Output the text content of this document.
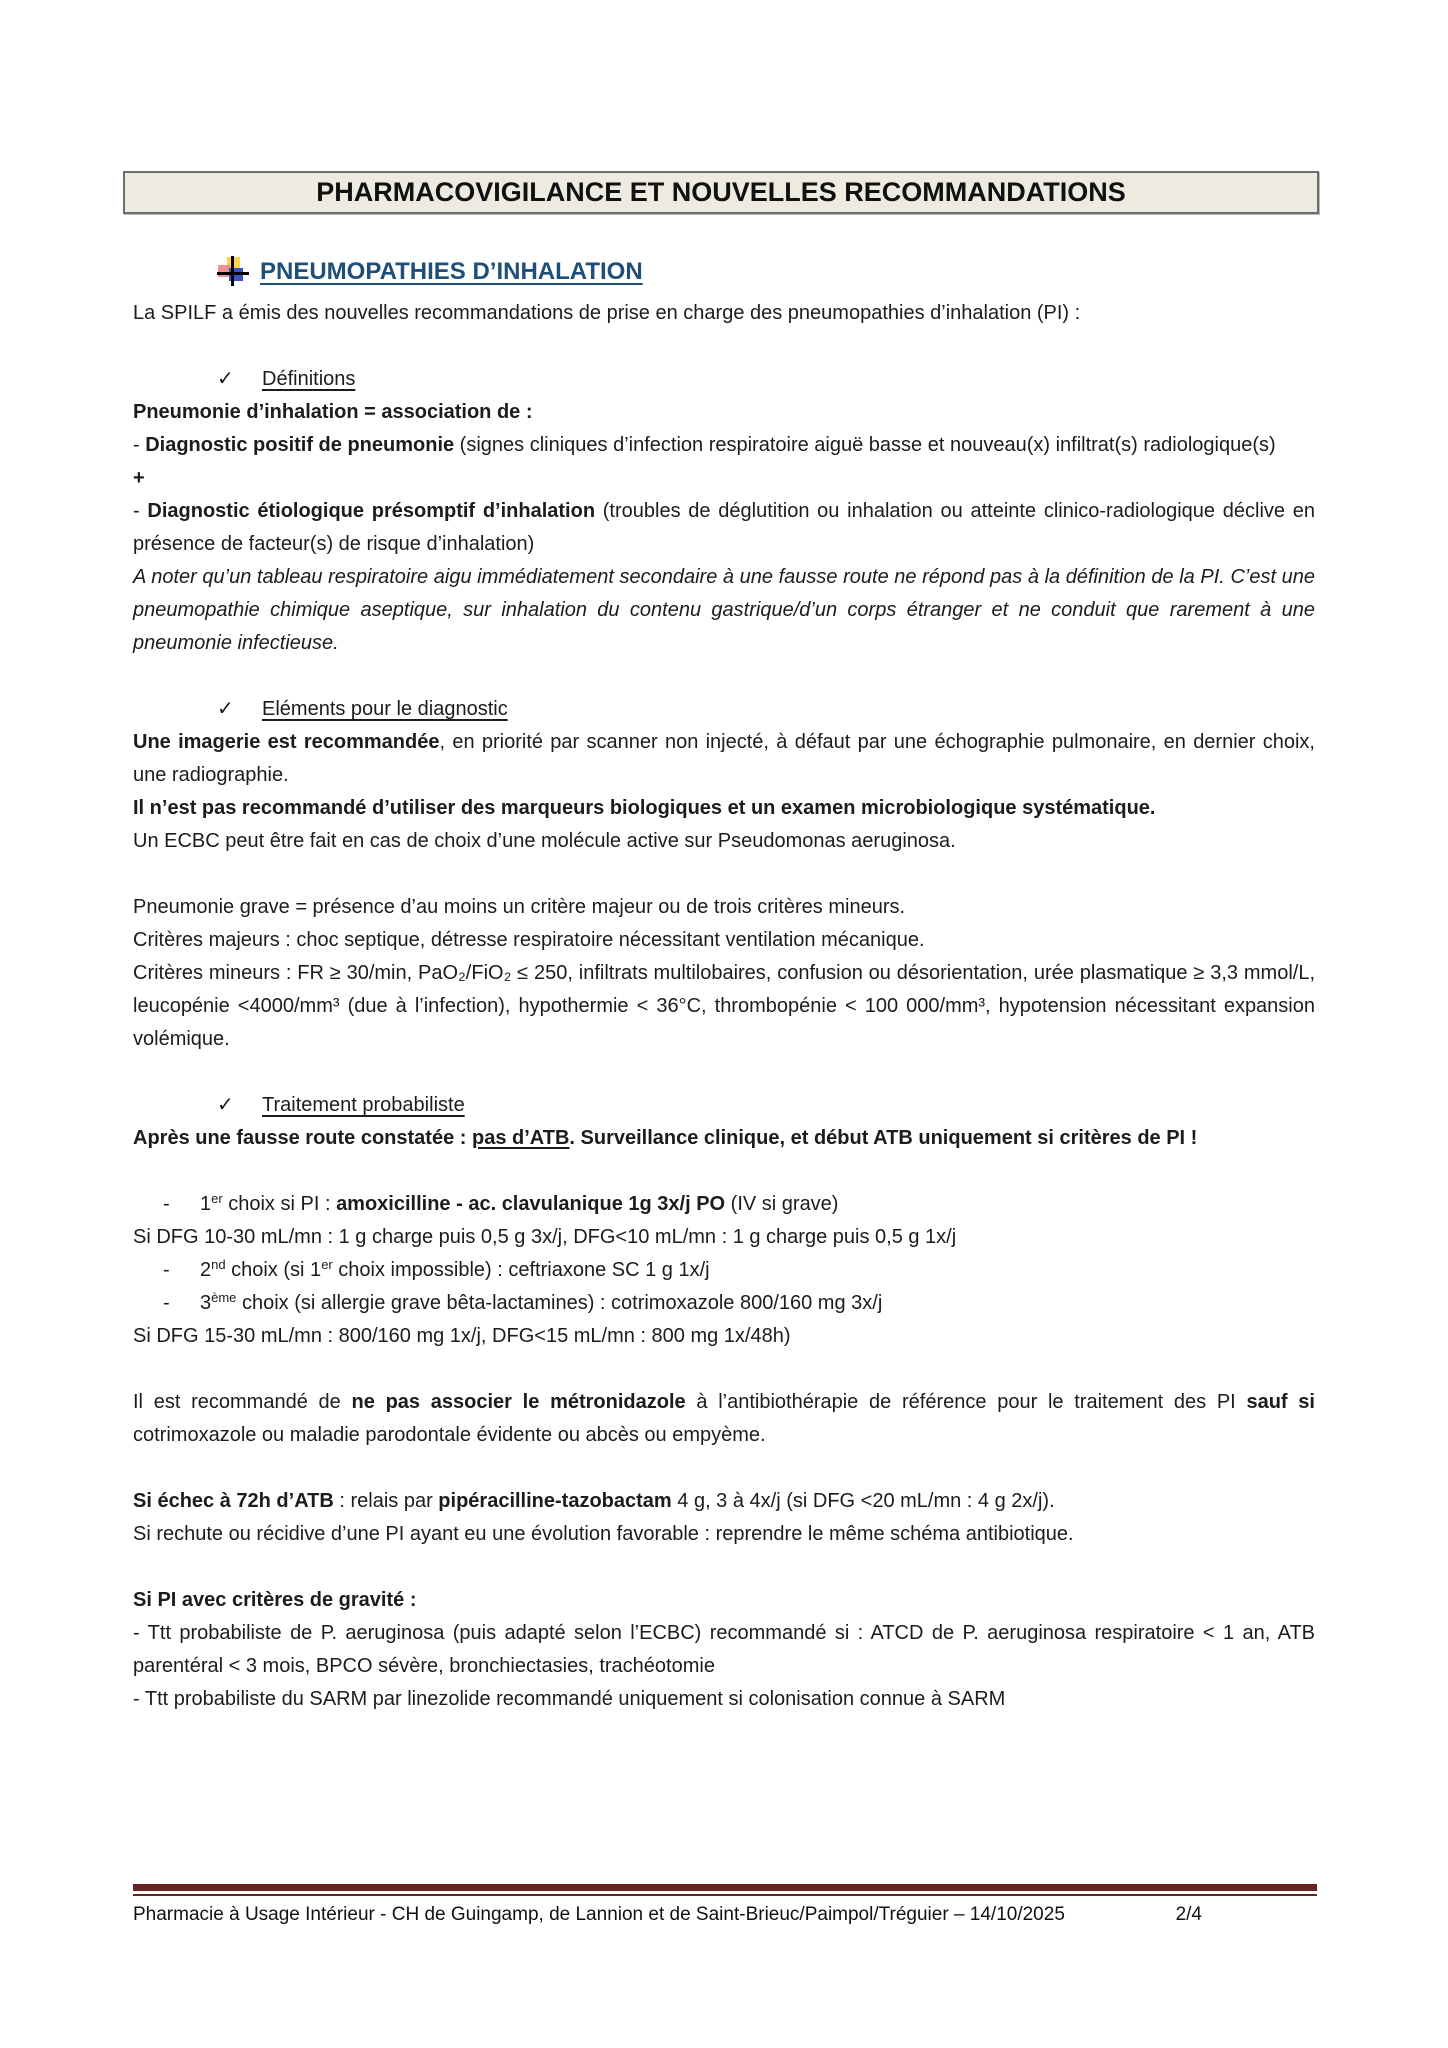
PHARMACOVIGILANCE ET NOUVELLES RECOMMANDATIONS
PNEUMOPATHIES D’INHALATION

La SPILF a émis des nouvelles recommandations de prise en charge des pneumopathies d’inhalation (PI) :

✓ Définitions

Pneumonie d’inhalation = association de :

- Diagnostic positif de pneumonie (signes cliniques d’infection respiratoire aiguë basse et nouveau(x) infiltrat(s) radiologique(s)

+

- Diagnostic étiologique présomptif d’inhalation (troubles de déglutition ou inhalation ou atteinte clinico-radiologique déclive en présence de facteur(s) de risque d’inhalation)

A noter qu’un tableau respiratoire aigu immédiatement secondaire à une fausse route ne répond pas à la définition de la PI. C’est une pneumopathie chimique aseptique, sur inhalation du contenu gastrique/d’un corps étranger et ne conduit que rarement à une pneumonie infectieuse.

✓ Eléments pour le diagnostic

Une imagerie est recommandée, en priorité par scanner non injecté, à défaut par une échographie pulmonaire, en dernier choix, une radiographie.

Il n’est pas recommandé d’utiliser des marqueurs biologiques et un examen microbiologique systématique.

Un ECBC peut être fait en cas de choix d’une molécule active sur Pseudomonas aeruginosa.

Pneumonie grave = présence d’au moins un critère majeur ou de trois critères mineurs.

Critères majeurs : choc septique, détresse respiratoire nécessitant ventilation mécanique.

Critères mineurs : FR ≥ 30/min, PaO₂/FiO₂ ≤ 250, infiltrats multilobaires, confusion ou désorientation, urée plasmatique ≥ 3,3 mmol/L, leucopénie <4000/mm³ (due à l’infection), hypothermie < 36°C, thrombopénie < 100 000/mm³, hypotension nécessitant expansion volémique.

✓ Traitement probabiliste

Après une fausse route constatée : pas d’ATB. Surveillance clinique, et début ATB uniquement si critères de PI !

- 1er choix si PI : amoxicilline - ac. clavulanique 1g 3x/j PO (IV si grave)

Si DFG 10-30 mL/mn : 1 g charge puis 0,5 g 3x/j, DFG<10 mL/mn : 1 g charge puis 0,5 g 1x/j

- 2nd choix (si 1er choix impossible) : ceftriaxone SC 1 g 1x/j

- 3ème choix (si allergie grave bêta-lactamines) : cotrimoxazole 800/160 mg 3x/j

Si DFG 15-30 mL/mn : 800/160 mg 1x/j, DFG<15 mL/mn : 800 mg 1x/48h)

Il est recommandé de ne pas associer le métronidazole à l’antibiothérapie de référence pour le traitement des PI sauf si cotrimoxazole ou maladie parodontale évidente ou abcès ou empyème.

Si échec à 72h d’ATB : relais par pipéracilline-tazobactam 4 g, 3 à 4x/j (si DFG <20 mL/mn : 4 g 2x/j).

Si rechute ou récidive d’une PI ayant eu une évolution favorable : reprendre le même schéma antibiotique.

Si PI avec critères de gravité :

- Ttt probabiliste de P. aeruginosa (puis adapté selon l’ECBC) recommandé si : ATCD de P. aeruginosa respiratoire < 1 an, ATB parentéral < 3 mois, BPCO sévère, bronchiectasies, trachéotomie

- Ttt probabiliste du SARM par linezolide recommandé uniquement si colonisation connue à SARM

Pharmacie à Usage Intérieur - CH de Guingamp, de Lannion et de Saint-Brieuc/Paimpol/Tréguier – 14/10/2025	2/4
